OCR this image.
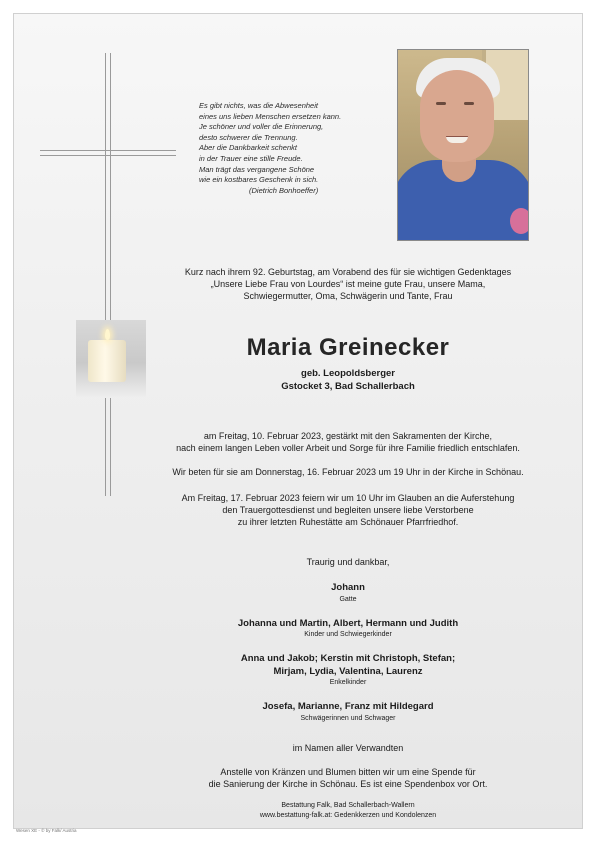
Es gibt nichts, was die Abwesenheit
eines uns lieben Menschen ersetzen kann.
Je schöner und voller die Erinnerung,
desto schwerer die Trennung.
Aber die Dankbarkeit schenkt
in der Trauer eine stille Freude.
Man trägt das vergangene Schöne
wie ein kostbares Geschenk in sich.
(Dietrich Bonhoeffer)
Kurz nach ihrem 92. Geburtstag, am Vorabend des für sie wichtigen Gedenktages
„Unsere Liebe Frau von Lourdes“ ist meine gute Frau, unsere Mama,
Schwiegermutter, Oma, Schwägerin und Tante, Frau
Maria Greinecker
geb. Leopoldsberger
Gstocket 3, Bad Schallerbach
am Freitag, 10. Februar 2023, gestärkt mit den Sakramenten der Kirche,
nach einem langen Leben voller Arbeit und Sorge für ihre Familie friedlich entschlafen.
Wir beten für sie am Donnerstag, 16. Februar 2023 um 19 Uhr in der Kirche in Schönau.
Am Freitag, 17. Februar 2023 feiern wir um 10 Uhr im Glauben an die Auferstehung
den Trauergottesdienst und begleiten unsere liebe Verstorbene
zu ihrer letzten Ruhestätte am Schönauer Pfarrfriedhof.
Traurig und dankbar,
Johann
Gatte
Johanna und Martin, Albert, Hermann und Judith
Kinder und Schwiegerkinder
Anna und Jakob; Kerstin mit Christoph, Stefan;
Mirjam, Lydia, Valentina, Laurenz
Enkelkinder
Josefa, Marianne, Franz mit Hildegard
Schwägerinnen und Schwager
im Namen aller Verwandten
Anstelle von Kränzen und Blumen bitten wir um eine Spende für
die Sanierung der Kirche in Schönau. Es ist eine Spendenbox vor Ort.
Bestattung Falk, Bad Schallerbach-Wallern
www.bestattung-falk.at: Gedenkkerzen und Kondolenzen
Wesen XE - © by Falk/ Austria
